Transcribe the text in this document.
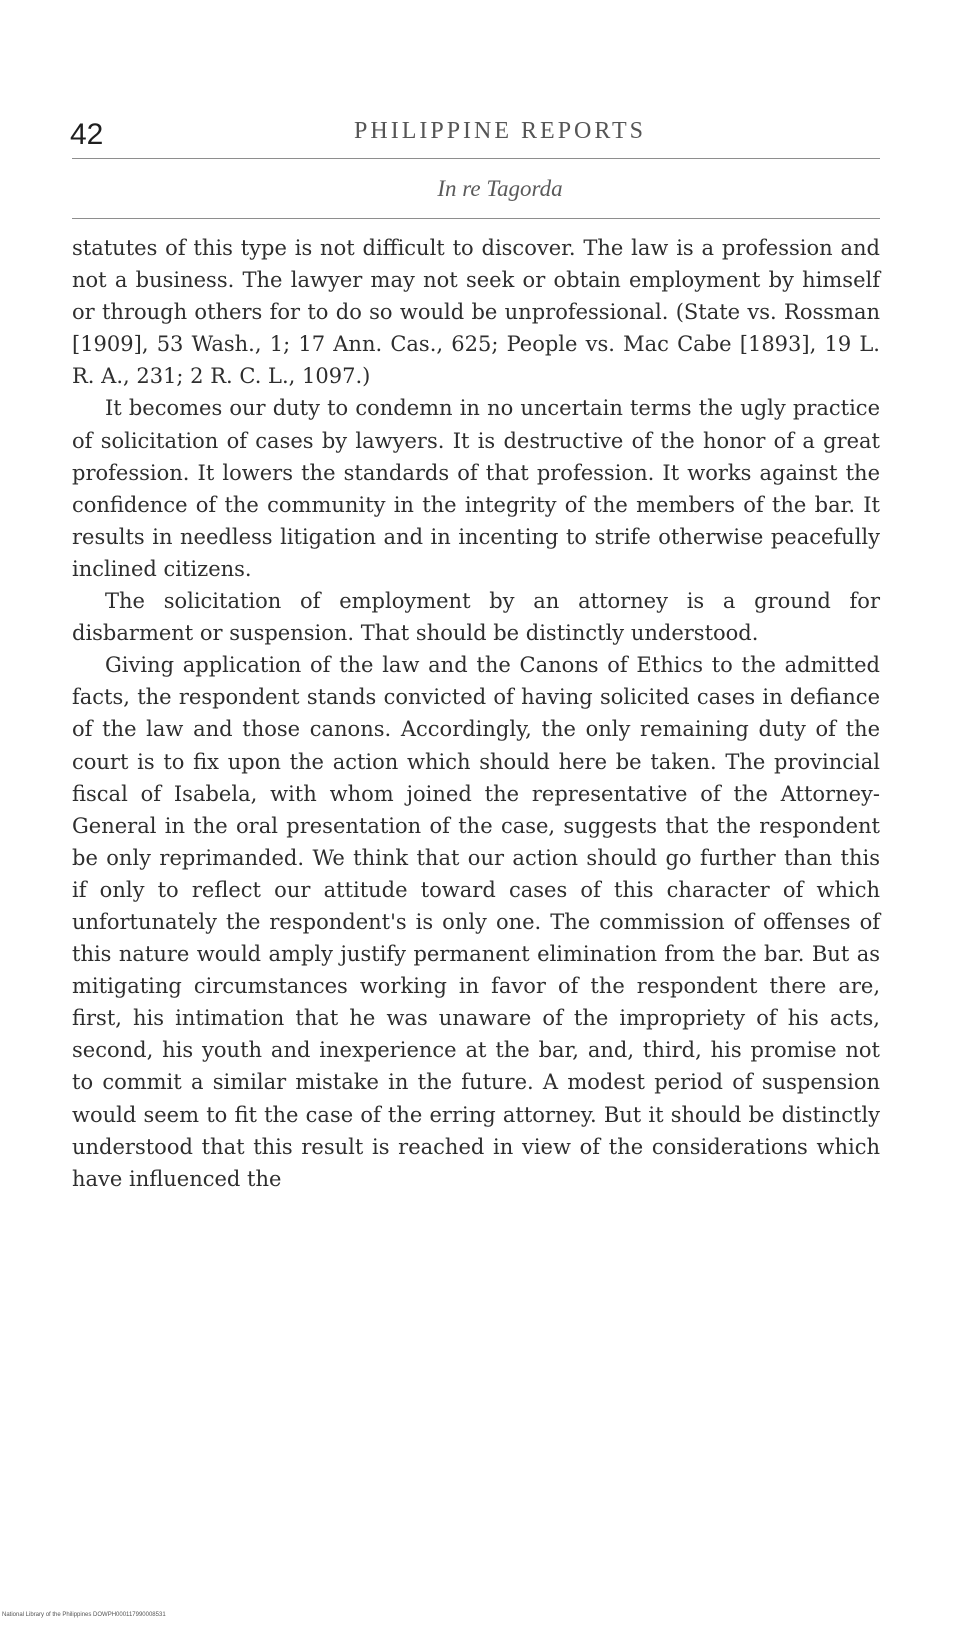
42	PHILIPPINE REPORTS
In re Tagorda

statutes of this type is not difficult to discover. The law is a profession and not a business. The lawyer may not seek or obtain employment by himself or through others for to do so would be unprofessional. (State vs. Rossman [1909], 53 Wash., 1; 17 Ann. Cas., 625; People vs. Mac Cabe [1893], 19 L. R. A., 231; 2 R. C. L., 1097.)

It becomes our duty to condemn in no uncertain terms the ugly practice of solicitation of cases by lawyers. It is destructive of the honor of a great profession. It lowers the standards of that profession. It works against the confidence of the community in the integrity of the members of the bar. It results in needless litigation and in incenting to strife otherwise peacefully inclined citizens.

The solicitation of employment by an attorney is a ground for disbarment or suspension. That should be distinctly understood.

Giving application of the law and the Canons of Ethics to the admitted facts, the respondent stands convicted of having solicited cases in defiance of the law and those canons. Accordingly, the only remaining duty of the court is to fix upon the action which should here be taken. The provincial fiscal of Isabela, with whom joined the representative of the Attorney-General in the oral presentation of the case, suggests that the respondent be only reprimanded. We think that our action should go further than this if only to reflect our attitude toward cases of this character of which unfortunately the respondent's is only one. The commission of offenses of this nature would amply justify permanent elimination from the bar. But as mitigating circumstances working in favor of the respondent there are, first, his intimation that he was unaware of the impropriety of his acts, second, his youth and inexperience at the bar, and, third, his promise not to commit a similar mistake in the future. A modest period of suspension would seem to fit the case of the erring attorney. But it should be distinctly understood that this result is reached in view of the considerations which have influenced the

National Library of the Philippines DOWPH000117990008531
